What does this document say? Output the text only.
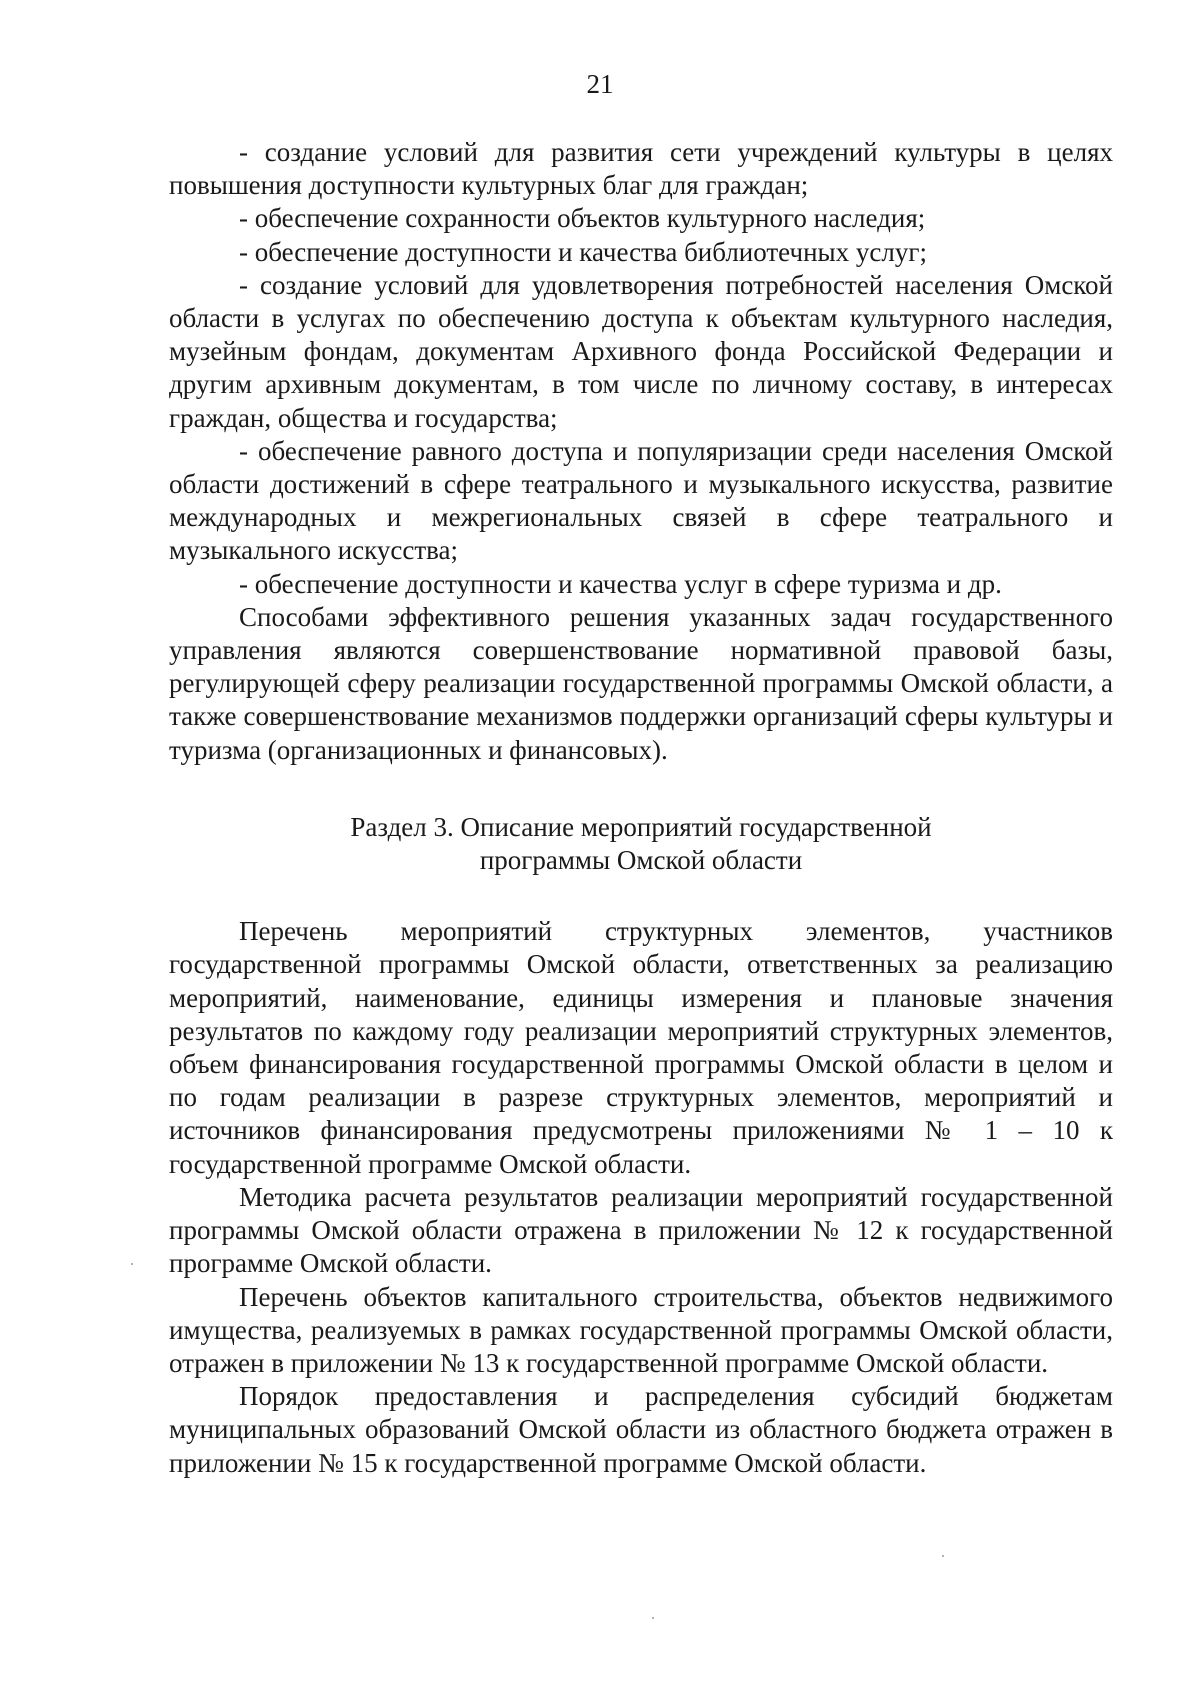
21

- создание условий для развития сети учреждений культуры в целях повышения доступности культурных благ для граждан;

- обеспечение сохранности объектов культурного наследия;

- обеспечение доступности и качества библиотечных услуг;

- создание условий для удовлетворения потребностей населения Омской области в услугах по обеспечению доступа к объектам культурного наследия, музейным фондам, документам Архивного фонда Российской Федерации и другим архивным документам, в том числе по личному составу, в интересах граждан, общества и государства;

- обеспечение равного доступа и популяризации среди населения Омской области достижений в сфере театрального и музыкального искусства, развитие международных и межрегиональных связей в сфере театрального и музыкального искусства;

- обеспечение доступности и качества услуг в сфере туризма и др.

Способами эффективного решения указанных задач государственного управления являются совершенствование нормативной правовой базы, регулирующей сферу реализации государственной программы Омской области, а также совершенствование механизмов поддержки организаций сферы культуры и туризма (организационных и финансовых).

Раздел 3. Описание мероприятий государственной программы Омской области

Перечень мероприятий структурных элементов, участников государственной программы Омской области, ответственных за реализацию мероприятий, наименование, единицы измерения и плановые значения результатов по каждому году реализации мероприятий структурных элементов, объем финансирования государственной программы Омской области в целом и по годам реализации в разрезе структурных элементов, мероприятий и источников финансирования предусмотрены приложениями № 1 – 10 к государственной программе Омской области.

Методика расчета результатов реализации мероприятий государственной программы Омской области отражена в приложении № 12 к государственной программе Омской области.

Перечень объектов капитального строительства, объектов недвижимого имущества, реализуемых в рамках государственной программы Омской области, отражен в приложении № 13 к государственной программе Омской области.

Порядок предоставления и распределения субсидий бюджетам муниципальных образований Омской области из областного бюджета отражен в приложении № 15 к государственной программе Омской области.
